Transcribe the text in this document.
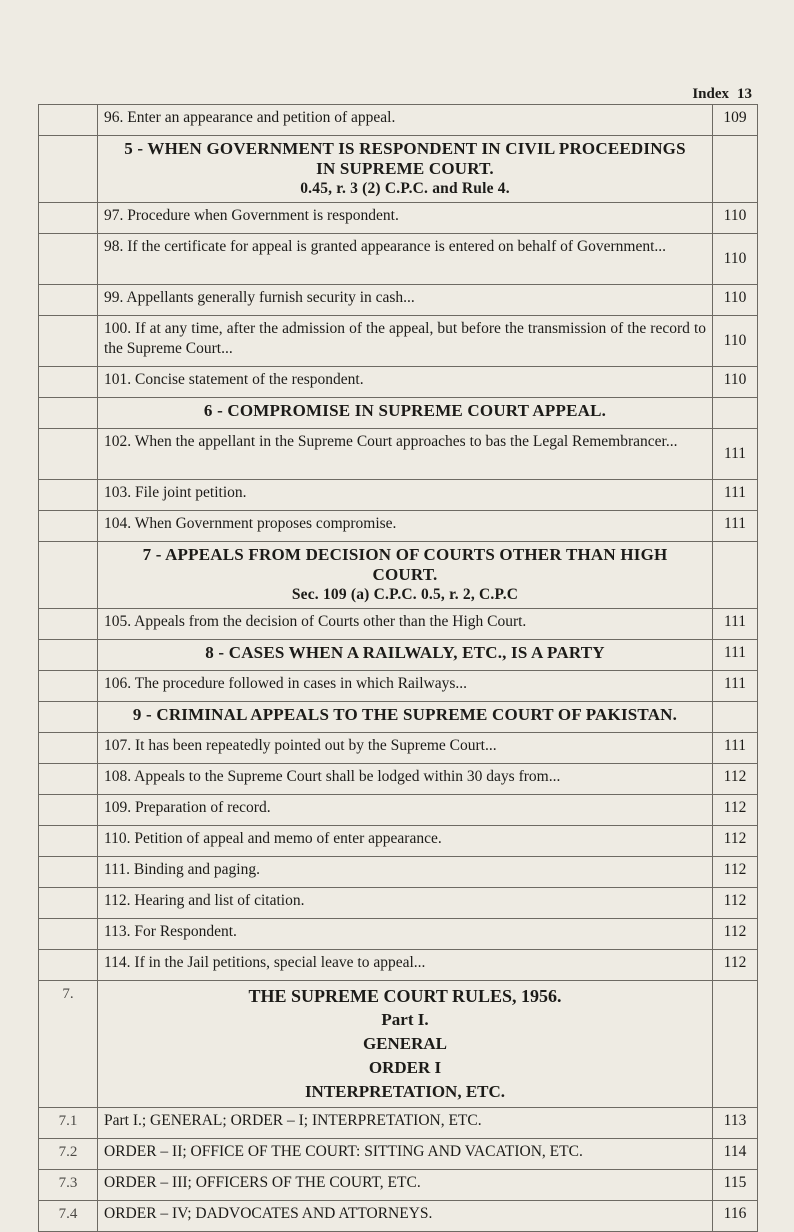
Index 13
	96. Enter an appearance and petition of appeal.	109

	5 - WHEN GOVERNMENT IS RESPONDENT IN CIVIL PROCEEDINGS
IN SUPREME COURT.
0.45, r. 3 (2) C.P.C. and Rule 4.	

	97. Procedure when Government is respondent.	110
	98. If the certificate for appeal is granted appearance is entered on behalf of Government...	110
	99. Appellants generally furnish security in cash...	110
	100. If at any time, after the admission of the appeal, but before the transmission of the record to the Supreme Court...	110
	101. Concise statement of the respondent.	110
	6 - COMPROMISE IN SUPREME COURT APPEAL.	
	102. When the appellant in the Supreme Court approaches to bas the Legal Remembrancer...	111
	103. File joint petition.	111
	104. When Government proposes compromise.	111

	7 - APPEALS FROM DECISION OF COURTS OTHER THAN HIGH
COURT.
Sec. 109 (a) C.P.C. 0.5, r. 2, C.P.C	

	105. Appeals from the decision of Courts other than the High Court.	111
	8 - CASES WHEN A RAILWALY, ETC., IS A PARTY	111
	106. The procedure followed in cases in which Railways...	111
	9 - CRIMINAL APPEALS TO THE SUPREME COURT OF PAKISTAN.	
	107. It has been repeatedly pointed out by the Supreme Court...	111
	108. Appeals to the Supreme Court shall be lodged within 30 days from...	112
	109. Preparation of record.	112
	110. Petition of appeal and memo of enter appearance.	112
	111. Binding and paging.	112
	112. Hearing and list of citation.	112
	113. For Respondent.	112
	114. If in the Jail petitions, special leave to appeal...	112
7.	THE SUPREME COURT RULES, 1956.
Part I.
GENERAL
ORDER I
INTERPRETATION, ETC.	

7.1	Part I.; GENERAL; ORDER – I; INTERPRETATION, ETC.	113
7.2	ORDER – II; OFFICE OF THE COURT: SITTING AND VACATION, ETC.	114
7.3	ORDER – III; OFFICERS OF THE COURT, ETC.	115
7.4	ORDER – IV; DADVOCATES AND ATTORNEYS.	116
